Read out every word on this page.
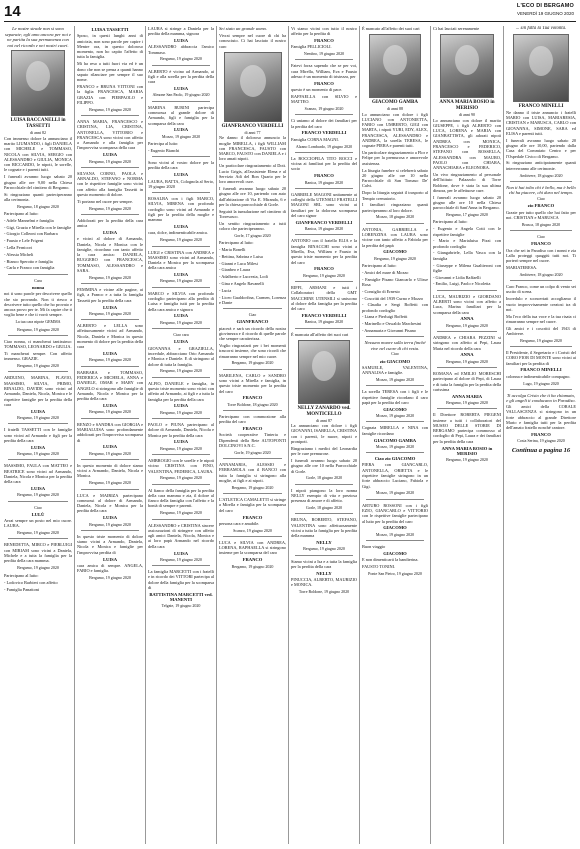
14	L'ECO DI BERGAMO
VENERDÌ 19 GIUGNO 2020
Le nostre strade non si sono separate; egli amo ancora per noi e ne partita la sua permanenza con noi nel ricordo e nei nostri cuori.
LUISA BACCANELLI in TASSETTI
di anni 82

Con immenso dolore la annunciano il marito LIUMANDO, i figli DANIELA con MICHELE e TOMMASO, NICOLA con SILVIA, SERGIO con ALESSANDRO e GIULIA, MONICA con RICCARDO, le nipoti, le sorelle, le cognate e i parenti tutti.

I funerali avranno luogo sabato 20 giugno alle ore 9,00 nella Chiesa Parrocchiale del cimitero di Bergamo.

Si ringraziano quanti parteciperanno alla cerimonia.

Bergamo, 18 giugno 2020

Partecipano al lutto:

- Adele Mannelmi e famiglia

- Gigi, Grazia e Mirella con le famiglie

- Giorgio Colleoni con Barbara

- Fausto e Lele Frigeni

- Lella Fernicori

- Alessia Micheli

- Bianco Sperotto e famiglia

- Carla e Franco con famiglia

Cara
nonna

noi ti sono parole per descrivere quello che sto provando. Non ti riesco a descrivere tutto quello che ho provato e ancora provo per te. Mi fa capire che ti voglio bene e che ti vorrò sempre.

La tua cara nipote GEMMA
Bergamo, 19 giugno 2020

Ciao nonna, ci mancherai tantissimo: TOMMASO, LEONARDO e GIULIA.

Ti mancherai sempre. Con affetto immenso. GRAZIE.

Bergamo, 19 giugno 2020

ARDUINO, MARINA, FLAVIO, MASSIMO, SILVIA, PRIMO, RINALDO, DAVIDE sono vicini ad Armando, Daniela, Nicola, Monica e le rispettive famiglie per la perdita della cara

LUISA
Bergamo, 19 giugno 2020

I fratelli TASSETTI con le famiglie sono vicini ad Armando e figli per la perdita della cara

LUISA
Bergamo, 19 giugno 2020

MASSIMO, FAULA con MATTEO e BEATRICE sono vicini ad Armando, Daniela, Nicola e Monica per la perdita della cara

LUISA
Bergamo, 19 giugno 2020
Ciao
LULÙ

Avrai sempre un posto nel mio cuore. LAURA.

Bergamo, 19 giugno 2020

BENEDETTA, MIRCO e PIERLUIGI con MIRIAM sono vicini a Daniela, Michele e a tutta la famiglia per la perdita della cara mamma.

Bergamo, 19 giugno 2020

Partecipano al lutto:

- Lodovico Barbieri con affetto

- Famiglia Panattoni

LUISA TASSETTI

Sposo, in questi lunghi anni di amicizia, non sono parole per capire i Mentre ora, in questo doloroso momento, non ho capito l'affetto di tutta la famiglia.

Mi ha reso a tutti fuori via ed è un dono che non se pensa a quanti hanno saputo rilanciare per sempre il suo nome.

FRANCO e BRUNA VITTONI con la figlia FRANCESCA, MARIA GRAZIA con PIERPAOLO e FILIPPO.

Bergamo, 19 giugno 2020

ANNA MARIA, FRANCESCO e CRISTINA, LIA, CRISTINA, ANTONELLA, VITTORIO e FRANCESCA sono vicini con affetto a Armando e alla famiglia per l'improvvisa scomparsa della cara

LUISA
Bergamo, 19 giugno 2020

SILVANA CORNO, PAOLA e ARNALDO, STEFANO e NORMA con le rispettive famiglie sono vicini con affetto alla famiglia Tassetti in questo momento di dolore.

Ti portano nel cuore per sempre.

Bergamo, 19 giugno 2020

Addolorati per la perdita della cara amica

LUISA

e vicini al dolore di Armando, Daniela, Nicola e Monica con le famiglie, ricordano con tanto affetto la cara amica: DANIELA, RUGGERO con FRANCESCA, TOMMASO, ALESSANDRO e SARA.

Bergamo, 19 giugno 2020

FEMMINA e vicine alle pagine, ai figli, a Franco e a tutta la famiglia Tassetti per la perdita della cara

LUISA
Bergamo, 19 giugno 2020

ALBERTO e LELLA sono affettuosamente vicini ad Armando, Nicola, Daniela e Monica in questo momento di dolore per la perdita della cara

LUISA
Bergamo, 19 giugno 2020

BARBARA e TOMMASO, FEDERICA e MICHELA, ANNA e DANIELE, OMAR e MARY con ANGELO si stringono alle famiglie di Armando, Nicola e Monica per la perdita della cara

LUISA
Bergamo, 19 giugno 2020

RENZO e SANDRA con GIORGIA e MARIALUISA sono profondamente addolorati per l'improvvisa scomparsa di

LUISA
Bergamo, 19 giugno 2020

In questo momento di dolore siamo vicini a Armando, Daniela, Nicola e Monica.

Bergamo, 19 giugno 2020

LUCA e MAIRIZA partecipano commossi al dolore di Armando, Daniela, Nicola e Monica per la perdita della cara

LUISA
Bergamo, 19 giugno 2020

In questo triste momento di dolore siamo vicini a Armando, Daniela, Nicola e Monica e famiglie per l'improvvisa perdita di

LUISA

cara amica di sempre. ANGELA, FABIO e famiglia.

Bergamo, 19 giugno 2020

LAURA si stringe a Daniela per la perdita della mamma, signora

LUISA

ALESSANDRO abbraccia l'amico Tommaso.

Bergamo, 19 giugno 2020

ALBERTO è vicino ad Armando, ai figli e alla sorella per la perdita della cara

LUISA
Almone San Paolo, 19 giugno 2020

MARINA BURINI partecipa commossa al grande dolore di Armando, figli e famiglia per la scomparsa della cara

LUISA
Mozzo, 19 giugno 2020

Partecipa al lutto:

- Eugenio Bianchi

Sono vicini al vostro dolore per la perdita della cara

LUISA

LAURA, BATTA, Colognola al Serio, 19 giugno 2020

ROSALBA con i figli MARCO, SILVIA, MIRENA con profondo cordoglio sono vicini ad Armando e figli per la perdita della moglie e mamma

LUISA

cara, dolce, indimenticabile amica.

Bergamo, 19 giugno 2020

LUIGI e CRISTINA con ANDREA e MASSIMO sono vicini ad Armando, Daniela e Monica per la scomparsa della cara amica

LUISA
Bergamo, 19 giugno 2020

MARCO e SILVIA con profondo cordoglio partecipano alla perdita di Luisa e famiglia tutti per la perdita della cara amica e signora

LUISA
Bergamo, 19 giugno 2020
Ciao cara
LUISA

GIOVANNA e GRAZIELLA, incredule, abbracciano Orio Armando e Monica e Daniele. E di stringono al dolore di tutta la famiglia.

Bergamo, 19 giugno 2020

ALFIO, DANIELE e famiglia, in questo triste momento sono vicini con affetto ad Armando, ai figli e a tutta la famiglia per la perdita della cara

LUISA
Bergamo, 19 giugno 2020

PAOLO e PIUNA partecipano al dolore di Armando, Daniela, Nicola e Monica per la perdita della cara

LUISA
Bergamo, 19 giugno 2020

AMBROGIO con le sorelle e le nipoti vicino CRISTINA con FINO, VALENTINA, FEDERICA, LAURA.

Bergamo, 19 giugno 2020

Al fianco della famiglia per la perdita della cara mamma e zia, il dolore al fianco della famiglia con l'affetto e la bontà di sempre e parenti.

Bergamo, 19 giugno 2020

ALESSANDRO e CRISTINA sincere assicurazioni di stringere con affetto agli amici Daniela, Nicola, Monica e ai loro papà Armando nel ricordo della cara

LUISA
Bergamo, 19 giugno 2020

La famiglia MARCETTI con i fratelli e in ricordo dei VITTORI partecipa al dolore della famiglia per la scomparsa di

BATTISTINA MARCETTI ved. MANENTI
Telgate, 19 giugno 2020

Sei stato un grande uomo.

Vivrai sempre nel cuore di chi ha conosciuto. Ci hai lasciato il nostro caro

GIANFRANCO VERDELLI
di anni 77

Ne danno il doloroso annuncio la moglie MIRELLA, i figli WILLIAM con FRANCESCA, FAUSTO con MARCO, FAUSTO con DANIELA e i loro amati nipoti.

Un particolare ringraziamento al Dott. Lucio Grigis, all'assistente Elena e al Servizio Adi del Bon Quarto per le loro amorevoli cure.

I funerali avranno luogo sabato 20 giugno alle ore 10, partendo con auto dall'abitazione di Via E. Miranda, 6 e per la chiesa parrocchiale di Gorle.

Seguirà la tumulazione nel cimitero di Torresasco.

Un sentito ringraziamento a tutti coloro che parteciperanno.

Gorle, 17 giugno 2020

Partecipano al lutto:

- Maria Bonelli

- Bettina, Sabrina e Luisa

- Gianni e Luca Milesi

- Gianbeo e Laura

- Adalberto e Lucrezia, Lodi

- Gina e Angelo Ravanelli

- Lucia

- Liceo Gualdorfina, Carmen, Lorenza e Dante

Ciao
GIANFRANCO

piacerà e sarà un ricordo della nostra giovinezza e il ricordo di quelle parole che sempre caratterizza.

Voglio ringraziarti per i bei momenti trascorsi insieme, che sono ricordi che rimarranno sempre nel mio cuore.

Bergamo, 19 giugno 2020

MARILENA, CARLO e SANDRO sono vicini a Mirella e famiglia, in questo triste momento per la perdita del caro

FRANCO
Torre Boldone, 18 giugno 2020

Partecipano con commozione alla perdita del caro

FRANCO

Società cooperative Tinteria e Dipendenti della Rete AUTOPONTI DOLCINOVI S.N.C.

Gorle, 19 giugno 2020

ANNAMARIA, ALESSIO e FERRAMOLA con il BANCO con tutta la famiglia si stringono alla moglie, ai figli e ai nipoti.

Bergamo, 19 giugno 2020

L'ATLETICA CAMALETTI si stringe a Mirella e famiglia per la scomparsa del caro

FRANCO

persona cara e amabile.

Scanzo, 19 giugno 2020

LUCA e SILVIA con ANDREA, LORENA, RAPHAELLA si stringono insieme per la scomparsa del caro

FRANCO
Bergamo, 19 giugno 2020

Vi siamo vicini con tutto il nostro affetto per la perdita di

FRANCO

Famiglia PELLICIOLI.

Nembro, 19 giugno 2020

Fatevi forza sapendo che se per voi, cara Mirella, William, Eva e Fausto adesso è un momento di tristezza, per

FRANCO

questo è un momento di pace.

RAFFAELLA con SILVIO e MATTEO.

Scanzo, 19 giugno 2020

Ci uniamo al dolore dei familiari per la perdita del caro

FRANCO VERDELLI

Famiglia CORNA MAGNI.

Alzano Lombardo, 19 giugno 2020

La BOCCIOFILA TITO ROCCI e vicina ai familiari per la perdita del socio

FRANCO
Ranica, 19 giugno 2020

GABRIELE MAGONI unitamente ai colleghi della UTENSILI FRATELLI MAGONI SRL sono vicini ai familiari per la dolorosa scomparsa del caro signor

GIANFRANCO VERDELLI
Ranica, 19 giugno 2020

ANTONIO con il fratello ELIA e la famiglia BINACCHI sono vicini a Mirella, Eva, William e Fausto in questo triste momento per la perdita del caro

FRANCO
Bergamo, 19 giugno 2020

RIFFI, ARMANI e tutti i Collaboratori della GMT MACCHINE UTENSILI si uniscono al dolore della famiglia per la perdita del caro

FRANCO VERDELLI
Ranica, 19 giugno 2020

È mancata all'affetto dei suoi cari

NELLY ZANARDO ved. MONTICELLO
di anni 87

La annunciano con dolore i figli GIOVANNI, ISABELLA, CRISTINA con i parenti, le nuore, nipoti e pronipoti.

Ringraziamo i medici del Leonardia per le cure premurose.

I funerali avranno luogo sabato 20 giugno alle ore 10 nella Parrocchiale di Gorle.

Gorle, 18 giugno 2020

I nipoti piangono la loro nonna NELLY esempio di vita e preziosa presenza di amore e di affetto.

Gorle, 18 giugno 2020

BRUNA, ROBERTO, STEFANO, VALENTINA sono affettuosamente vicini a tutta la famiglia per la perdita della mamma

NELLY
Bergamo, 19 giugno 2020

Siamo vicini a Isa e a tutta la famiglia per la perdita della cara

NELLY

PINUCCIA, ALBERTO, MAURIZIO e MONICA.

Torre Boldone, 19 giugno 2020

È mancato all'affetto dei suoi cari

GIACOMO GAMBA
di anni 88

Lo annunciano con dolore i figli LUCIANO con ANTONIETTA, FABIO con UMBERTO, GIGI con MARTA, i nipoti YURI, EDY, ALEX, FRANCESCA, ALESSANDRO e ANDREA, la sorella TERESA, le cognate PIERA e parenti tutti.

Un particolare ringraziamento a Flor e Felipe per la premurosa e amorevole assistenza.

La liturgia funebre si celebrerà sabato 20 giugno alle ore 10 nella Parrocchiale di San Tomaso De' Calvi.

Dopo la liturgia seguirà il trasporto al Tempio crematorio.

I familiari ringraziano quanti parteciperanno al loro dolore.

Mozzo, 18 giugno 2020

ANTONIA, GABRIELLA e LORENZINA con LAURA sono vicine con tanto affetto a Fabiola per la perdita del papà

GIACOMO
Bergamo, 19 giugno 2020

Partecipano al lutto:

- Amici del mare di Mozzo

- Famiglie Pisano Giancarlo e Ulisse Rosa

- Consiglio di Ernesto

- Coscritti del 1939 Curno e Mozzo

- Claudia e Sergi Boffetti con profondo cordoglio

- Liana e Pierluigi Boffetti

- Marinello e Oswaldo Marchesini

- Annamaria e Giovanni Pisano

Nessuno muore sulla terra finché vive nel cuore di chi resta.
Ciao
zio GIACOMO

SAMUELE, VALENTINA, ANNALISA e famiglie.

Mozzo, 19 giugno 2020

La sorella TERESA con i figli e le rispettive famiglie ricordano il caro papà per la perdita del caro

GIACOMO
Mozzo, 19 giugno 2020

Cognata MIRELLA e NINA con famiglie ricordano

GIACOMO GAMBA
Mozzo, 19 giugno 2020
Ciao zio GIACOMO

PIERA con GIANCARLO, ANTONELLA, ORIETTA e le rispettive famiglie stringono in un forte abbraccio Luciano, Fabiola e Gigi.

Mozzo, 19 giugno 2020

ARTURO ROSSONI con i figli EZIO, GIANCARLO e VITTORIO con le rispettive famiglie partecipano al lutto per la perdita del caro

GIACOMO
Mozzo, 19 giugno 2020

Buon viaggio

GIACOMO

E non dimenticarti la bandierina.

FAUSTO TONINI.

Ponte San Pietro, 19 giugno 2020

Ci hai lasciati serenamente

ANNA MARIA BOSIO in MERISIO
di anni 90

Lo annunciano con dolore il marito GIUSEPPE, i figli ALBERTO con LUCA, LORENA e MARIA con GIANBATTISTA, gli adorati nipoti ANDREA con MONICA, FRANCESCO e FEDERICO, STEFANO con ROSSELLA, ALESSANDRA con MAURO, PAOLO con CHIARA, ANNACHIARA e ELEONORA.

Un vivo ringraziamento al personale dell'Istituto Palazzolo di Torre Boldone, dove è stata la sua ultima dimora, per le affettuose cure.

I funerali avranno luogo sabato 20 giugno alle ore 10 nella Chiesa parrocchiale di Sant'Anna in Bergamo.

Bergamo, 17 giugno 2020

Partecipano al lutto:

- Eugenio e Angela Cotti con le rispettive famiglie

- Mario e Marialuisa Pizzi con profondo cordoglio

- Giangabriele, Lella Vasca con la famiglia

- Giuseppe e Milena Gualtieroni con figlie

- Giovanni e Lidia Raffaelli

- Emilio, Luigi, Paolo e Nicoletta

LUCA, MAURIZIO e GIORDANO ALBERTI sono vicini con affetto a Luca, Marina familiari per la scomparsa della cara

ANNA
Bergamo, 19 giugno 2020

ANDREA e CHIARA PEZZINI si stringono con affetto ai Pepi, Laura Maria nel ricordo della cara

ANNA
Bergamo, 19 giugno 2020

ROMANA ed EMILIO MORESCHI partecipano al dolore di Pepi, di Laura e di tutta la famiglia per la perdita della carissima

ANNA MARIA
Bergamo, 19 giugno 2020

Il Direttore ROBERTA PIEGENI insieme a tutti i collaboratori del MUSEO DELLE STORIE DI BERGAMO partecipa commosso al cordoglio di Pepi, Laura e dei familiari per la perdita della cara

ANNA MARIA BOSIO in MERISIO
Bergamo, 19 giugno 2020
... sin fatta la Tua volontà.
FRANCO MINELLI

Ne danno il triste annuncio i fratelli MARIO con LUISA, MARIARESIA, CRISTIAN e MARUSCA, CARLO con GIOVANNA, SIMONE, SARA ed ELISA e parenti tutti.

I funerali avranno luogo sabato 20 giugno alle ore 10,00, partendo dalla Casa del Commiato Centro e per l'Ospedale Civico di Bergamo.

Si ringraziano anticipatamente quanti interverranno alle cerimonie.

Ambivere, 18 giugno 2020
Non ti hai tolto chi è bello, ma è bello chi ha piacere, chi dura nel tempo.
Ciao
zio FRANCO

Grazie per tutto quello che hai fatto per noi. CRISTIAN e MARUSCA

Brusca, 18 giugno 2020
Ciao
FRANCO

Ora che sei in Paradiso con i nonni e zia Lalla proteggi quaggiù tutti noi. Ti porterò sempre nel cuore.

MARIATERESA.

Ambivere, 18 giugno 2020

Caro Franco, come un colpo di vento sei uscito di scena.

Incredulo e sconcertati accogliamo il vuoto improvvisamente creatosi tra di noi.

Ma l'eco della tua voce e la tua risata ci rimarranno sempre nel cuore.

Gli amici e i coscritti del 1943 di Ambivere.

Bergamo, 19 giugno 2020

Il Presidente, il Segretario e i Coristi del CORO FIOR DI MONTE sono vicini ai familiari per la perdita di

FRANCO MINELLI

colonna e indimenticabile compagno.

Lugo, 19 giugno 2020
Ti accolga Cristo che ti ha chiamato, e gli angeli ti conducano in Paradiso.

Gli amici della CORALE VALLASCENZA si stringono in un forte abbraccio al grande Direttore Mario e famiglia tutti per la perdita dell'amato fratello nonché cantore.

FRANCO
Costa Serina, 19 giugno 2020
Continua a pagina 16
